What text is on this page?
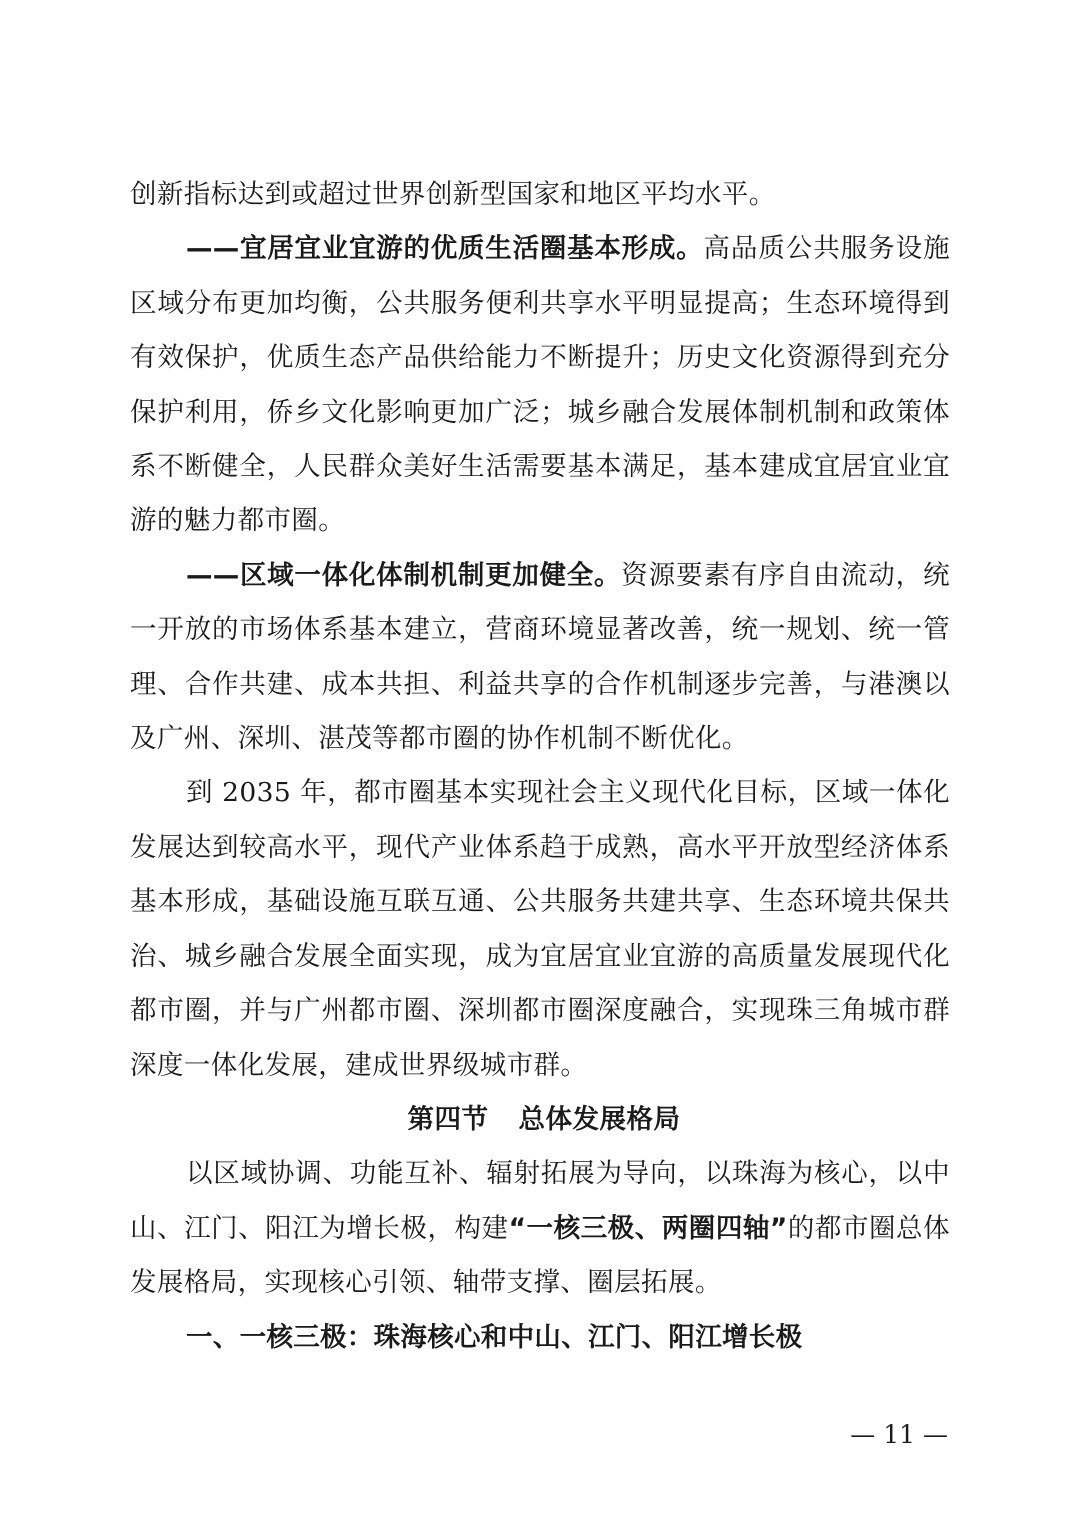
创新指标达到或超过世界创新型国家和地区平均水平。

——宜居宜业宜游的优质生活圈基本形成。高品质公共服务设施区域分布更加均衡，公共服务便利共享水平明显提高；生态环境得到有效保护，优质生态产品供给能力不断提升；历史文化资源得到充分保护利用，侨乡文化影响更加广泛；城乡融合发展体制机制和政策体系不断健全，人民群众美好生活需要基本满足，基本建成宜居宜业宜游的魅力都市圈。

——区域一体化体制机制更加健全。资源要素有序自由流动，统一开放的市场体系基本建立，营商环境显著改善，统一规划、统一管理、合作共建、成本共担、利益共享的合作机制逐步完善，与港澳以及广州、深圳、湛茂等都市圈的协作机制不断优化。

到 2035 年，都市圈基本实现社会主义现代化目标，区域一体化发展达到较高水平，现代产业体系趋于成熟，高水平开放型经济体系基本形成，基础设施互联互通、公共服务共建共享、生态环境共保共治、城乡融合发展全面实现，成为宜居宜业宜游的高质量发展现代化都市圈，并与广州都市圈、深圳都市圈深度融合，实现珠三角城市群深度一体化发展，建成世界级城市群。

第四节 总体发展格局

以区域协调、功能互补、辐射拓展为导向，以珠海为核心，以中山、江门、阳江为增长极，构建“一核三极、两圈四轴”的都市圈总体发展格局，实现核心引领、轴带支撑、圈层拓展。

一、一核三极：珠海核心和中山、江门、阳江增长极

— 11 —
